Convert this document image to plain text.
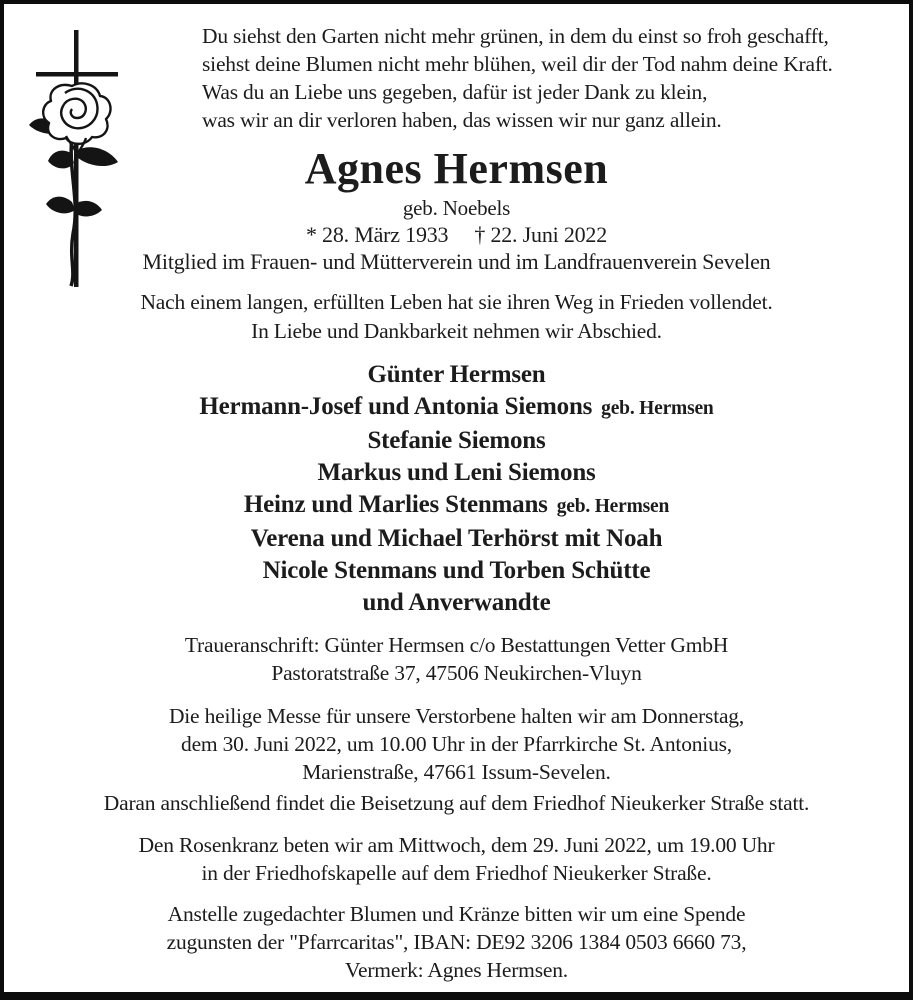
Du siehst den Garten nicht mehr grünen, in dem du einst so froh geschafft,
siehst deine Blumen nicht mehr blühen, weil dir der Tod nahm deine Kraft.
Was du an Liebe uns gegeben, dafür ist jeder Dank zu klein,
was wir an dir verloren haben, das wissen wir nur ganz allein.
Agnes Hermsen
geb. Noebels
* 28. März 1933 † 22. Juni 2022
Mitglied im Frauen- und Mütterverein und im Landfrauenverein Sevelen
Nach einem langen, erfüllten Leben hat sie ihren Weg in Frieden vollendet.
In Liebe und Dankbarkeit nehmen wir Abschied.
Günter Hermsen
Hermann-Josef und Antonia Siemons geb. Hermsen
Stefanie Siemons
Markus und Leni Siemons
Heinz und Marlies Stenmans geb. Hermsen
Verena und Michael Terhörst mit Noah
Nicole Stenmans und Torben Schütte
und Anverwandte
Traueranschrift: Günter Hermsen c/o Bestattungen Vetter GmbH
Pastoratstraße 37, 47506 Neukirchen-Vluyn
Die heilige Messe für unsere Verstorbene halten wir am Donnerstag,
dem 30. Juni 2022, um 10.00 Uhr in der Pfarrkirche St. Antonius,
Marienstraße, 47661 Issum-Sevelen.
Daran anschließend findet die Beisetzung auf dem Friedhof Nieukerker Straße statt.
Den Rosenkranz beten wir am Mittwoch, dem 29. Juni 2022, um 19.00 Uhr
in der Friedhofskapelle auf dem Friedhof Nieukerker Straße.
Anstelle zugedachter Blumen und Kränze bitten wir um eine Spende
zugunsten der "Pfarrcaritas", IBAN: DE92 3206 1384 0503 6660 73,
Vermerk: Agnes Hermsen.
